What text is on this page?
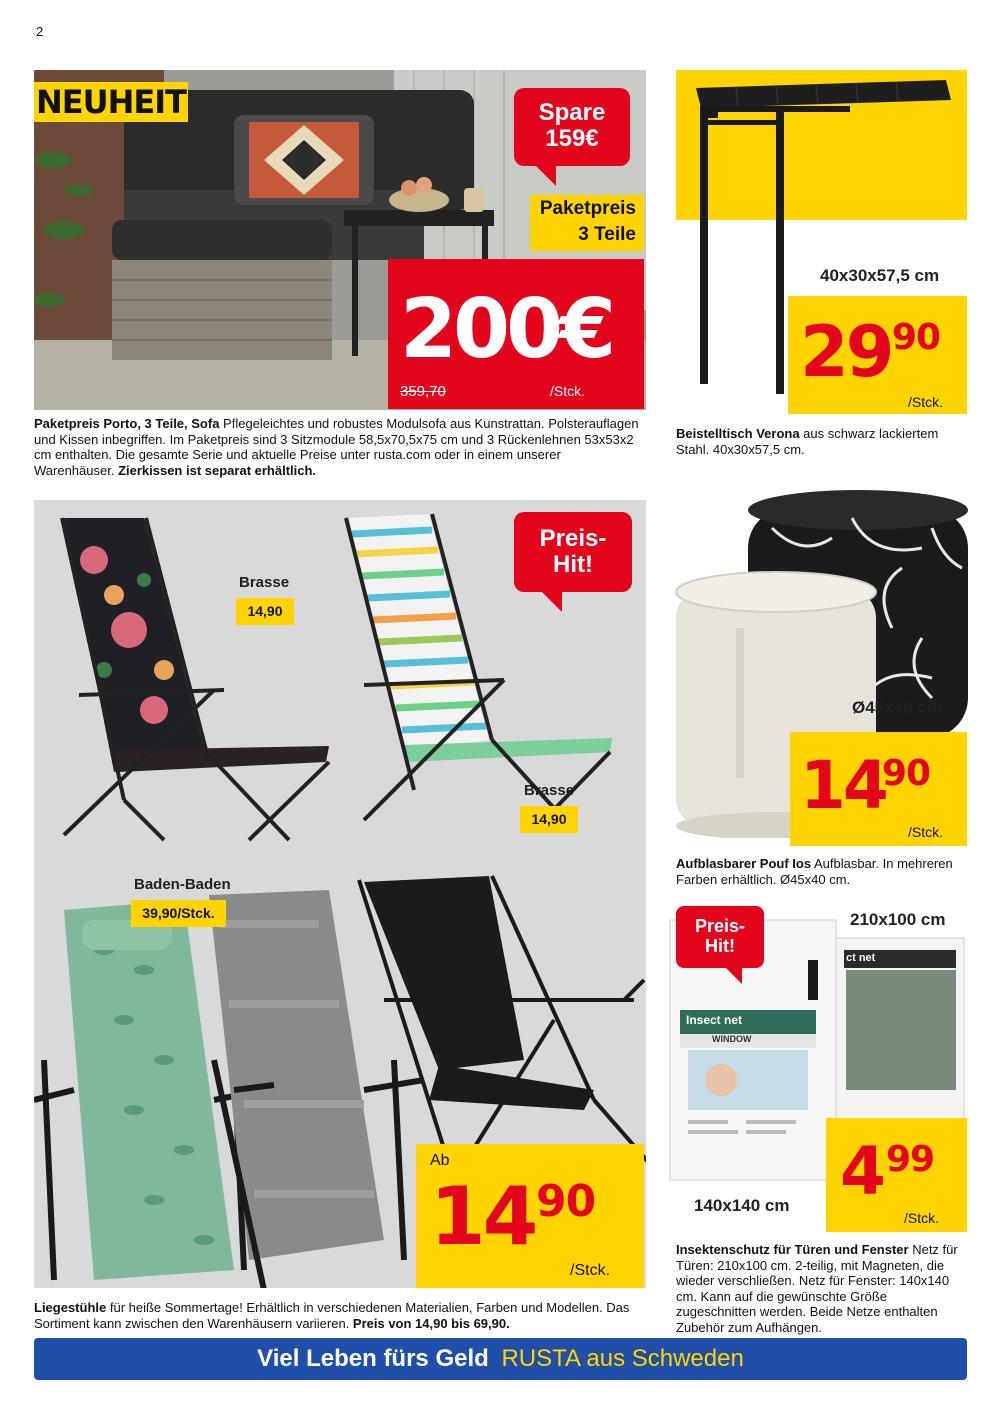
2
NEUHEIT	Spare
159€
Paketpreis
3 Teile
200€
359,70	/Stck.
Paketpreis Porto, 3 Teile, Sofa Pflegeleichtes und robustes Modulsofa aus Kunstrattan. Polsterauflagen und Kissen inbegriffen. Im Paketpreis sind 3 Sitzmodule 58,5x70,5x75 cm und 3 Rückenlehnen 53x53x2 cm enthalten. Die gesamte Serie und aktuelle Preise unter rusta.com oder in einem unserer Warenhäuser. Zierkissen ist separat erhältlich.
40x30x57,5 cm
29 90
/Stck.
Beistelltisch Verona aus schwarz lackiertem Stahl. 40x30x57,5 cm.
Preis-
Hit!
Brasse
14,90
Brasse
14,90
Baden-Baden
39,90/Stck.
Ab
14 90
/Stck.
Liegestühle für heiße Sommertage! Erhältlich in verschiedenen Materialien, Farben und Modellen. Das Sortiment kann zwischen den Warenhäusern variieren. Preis von 14,90 bis 69,90.
Ø45x40 cm
14
90
/Stck.
Aufblasbarer Pouf Ios Aufblasbar. In mehreren Farben erhältlich. Ø45x40 cm.
Insect net
WINDOW
ct net
Preis-
Hit!
210x100 cm
140x140 cm 4 99
/Stck.
Insektenschutz für Türen und Fenster Netz für Türen: 210x100 cm. 2-teilig, mit Magneten, die wieder verschließen. Netz für Fenster: 140x140 cm. Kann auf die gewünschte Größe zugeschnitten werden. Beide Netze enthalten Zubehör zum Aufhängen.
Viel Leben fürs Geld RUSTA aus Schweden
